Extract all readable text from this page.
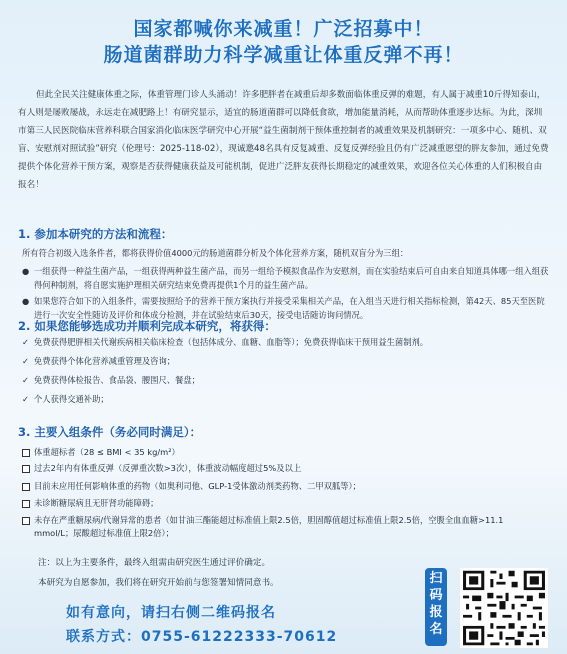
国家都喊你来减重！广泛招募中！
肠道菌群助力科学减重让体重反弹不再！
但此全民关注健康体重之际，体重管理门诊人头涌动！许多肥胖者在减重后却多数面临体重反弹的难题，有人属于减重10斤得知泰山，有人则是屡败屡战，永远走在减肥路上！有研究显示，适宜的肠道菌群可以降低食欲，增加能量消耗，从而帮助体重逐步达标。为此，深圳市第三人民医院临床营养科联合国家消化临床医学研究中心开展“益生菌制剂干预体重控制者的减重效果及机制研究：一项多中心、随机、双盲、安慰剂对照试验”研究（伦理号：2025-118-02），现诚邀48名具有反复减重、反复反弹经验且仍有广泛减重愿望的胖友参加，通过免费提供个体化营养干预方案，观察是否获得健康获益及可能机制，促进广泛胖友获得长期稳定的减重效果，欢迎各位关心体重的人们积极自由报名！
1. 参加本研究的方法和流程：
所有符合初级入选条件者，都将获得价值4000元的肠道菌群分析及个体化营养方案，随机双盲分为三组：
● 一组获得一种益生菌产品，一组获得两种益生菌产品，而另一组给予模拟食品作为安慰剂，而在实验结束后可自由来自知道具体哪一组入组获得何种制剂，将自愿实施护理相关研究结束免费再提供1个月的益生菌产品。
● 如果您符合如下的入组条件，需要按照给予的营养干预方案执行并接受采集相关产品，在入组当天进行相关指标检测，第42天、85天至医院进行一次安全性随访及评价和体成分检测，并在试验结束后30天，接受电话随访询问情况。
2. 如果您能够选成功并顺利完成本研究，将获得：
✓ 免费获得肥胖相关代谢疾病相关临床检查（包括体成分、血糖、血脂等）；免费获得临床干预用益生菌制剂。
✓ 免费获得个体化营养减重管理及咨询；
✓ 免费获得体检报告、食品袋、腰围尺、餐盘；
✓ 个人获得交通补助；
3. 主要入组条件（务必同时满足）：
体重超标者（28 ≤ BMI < 35 kg/m²）
过去2年内有体重反弹（反弹重次数>3次），体重波动幅度超过5%及以上
目前未应用任何影响体重的药物（如奥利司他、GLP-1受体激动剂类药物、二甲双胍等）；
未诊断糖尿病且无肝肾功能障碍；
未存在严重糖尿病/代谢异常的患者（如甘油三酯能超过标准值上限2.5倍，胆固醇值超过标准值上限2.5倍，空腹全血血糖>11.1 mmol/L；尿酸超过标准值上限2倍）；
注：以上为主要条件，最终入组需由研究医生通过评价确定。
本研究为自愿参加，我们将在研究开始前与您签署知情同意书。
如有意向，请扫右侧二维码报名
联系方式：0755-61222333-70612
扫码报名
